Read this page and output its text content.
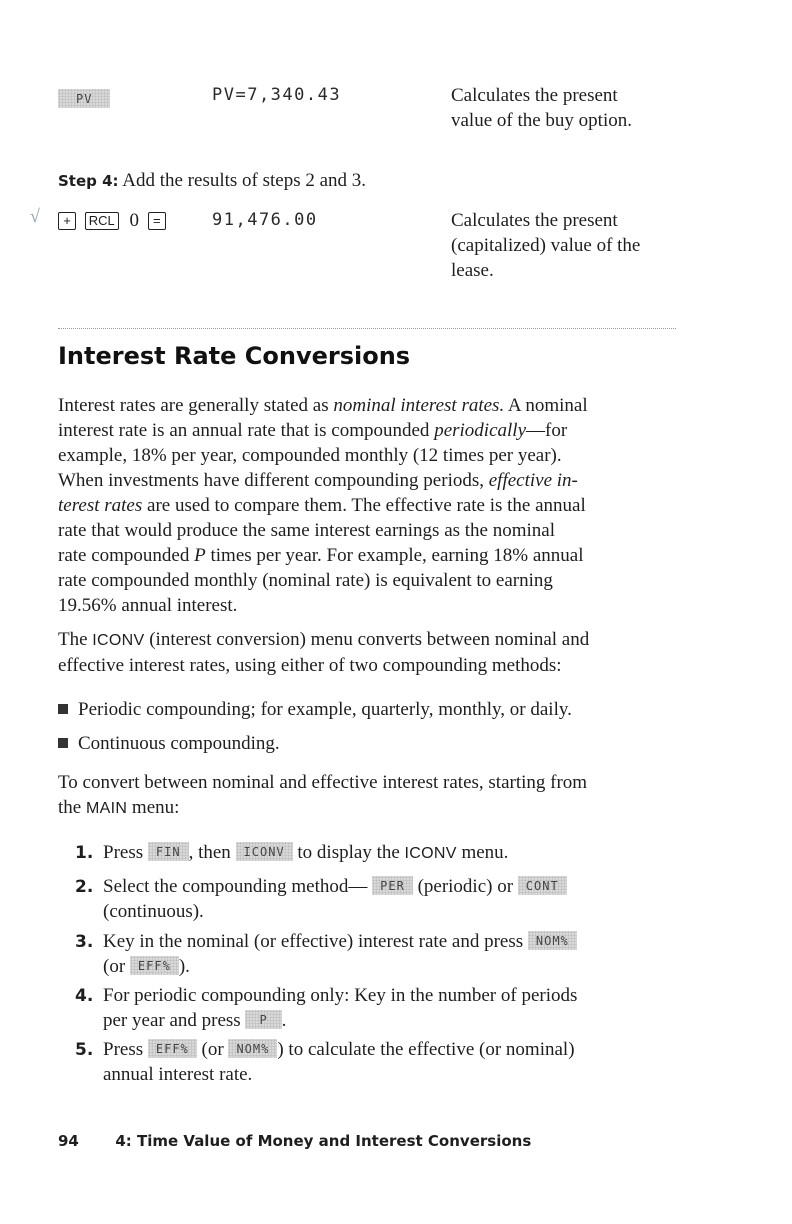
PV	PV=7,340.43	Calculates the present
value of the buy option.
Step 4: Add the results of steps 2 and 3.
√	+ RCL 0 =	91,476.00	Calculates the present
(capitalized) value of the
lease.
Interest Rate Conversions

Interest rates are generally stated as nominal interest rates. A nominal

interest rate is an annual rate that is compounded periodically—for

example, 18% per year, compounded monthly (12 times per year).

When investments have different compounding periods, effective in-

terest rates are used to compare them. The effective rate is the annual

rate that would produce the same interest earnings as the nominal

rate compounded P times per year. For example, earning 18% annual

rate compounded monthly (nominal rate) is equivalent to earning

19.56% annual interest.

The ICONV (interest conversion) menu converts between nominal and

effective interest rates, using either of two compounding methods:

Periodic compounding; for example, quarterly, monthly, or daily.
Continuous compounding.

To convert between nominal and effective interest rates, starting from

the MAIN menu:

1. Press FIN , then ICONV to display the ICONV menu.
2. Select the compounding method— PER (periodic) or CONT
(continuous).
3. Key in the nominal (or effective) interest rate and press NOM%
(or EFF% ).
4. For periodic compounding only: Key in the number of periods
per year and press P .
5. Press EFF% (or NOM% ) to calculate the effective (or nominal)
annual interest rate.
94 4: Time Value of Money and Interest Conversions
